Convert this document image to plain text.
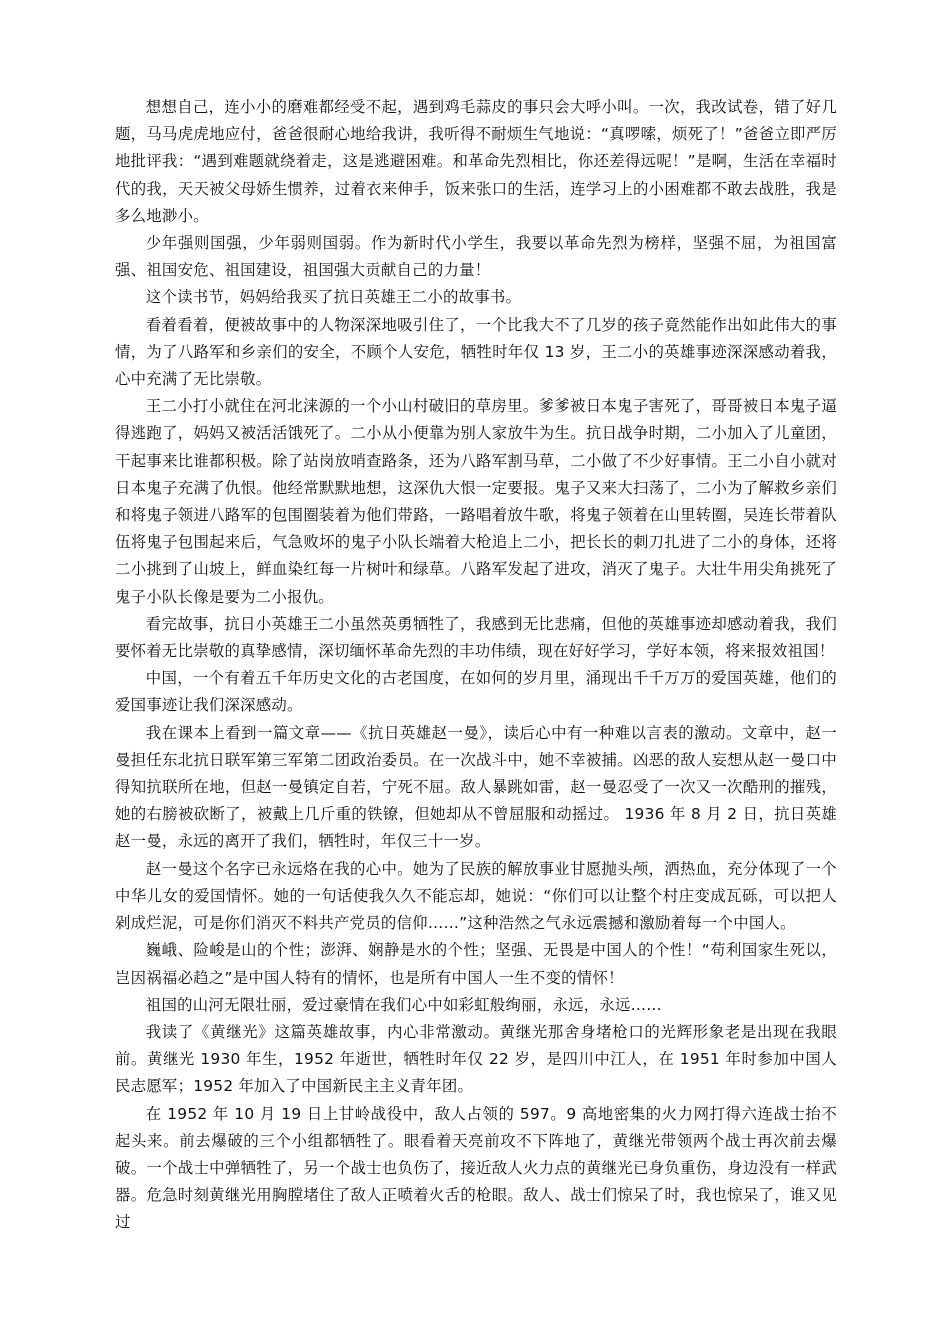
想想自己，连小小的磨难都经受不起，遇到鸡毛蒜皮的事只会大呼小叫。一次，我改试卷，错了好几题，马马虎虎地应付，爸爸很耐心地给我讲，我听得不耐烦生气地说：“真啰嗦，烦死了！”爸爸立即严厉地批评我：“遇到难题就绕着走，这是逃避困难。和革命先烈相比，你还差得远呢！”是啊，生活在幸福时代的我，天天被父母娇生惯养，过着衣来伸手，饭来张口的生活，连学习上的小困难都不敢去战胜，我是多么地渺小。

少年强则国强，少年弱则国弱。作为新时代小学生，我要以革命先烈为榜样，坚强不屈，为祖国富强、祖国安危、祖国建设，祖国强大贡献自己的力量！

这个读书节，妈妈给我买了抗日英雄王二小的故事书。

看着看着，便被故事中的人物深深地吸引住了，一个比我大不了几岁的孩子竟然能作出如此伟大的事情，为了八路军和乡亲们的安全，不顾个人安危，牺牲时年仅 13 岁，王二小的英雄事迹深深感动着我，心中充满了无比崇敬。

王二小打小就住在河北涞源的一个小山村破旧的草房里。爹爹被日本鬼子害死了，哥哥被日本鬼子逼得逃跑了，妈妈又被活活饿死了。二小从小便靠为别人家放牛为生。抗日战争时期，二小加入了儿童团，干起事来比谁都积极。除了站岗放哨查路条，还为八路军割马草，二小做了不少好事情。王二小自小就对日本鬼子充满了仇恨。他经常默默地想，这深仇大恨一定要报。鬼子又来大扫荡了，二小为了解救乡亲们和将鬼子领进八路军的包围圈装着为他们带路，一路唱着放牛歌，将鬼子领着在山里转圈，吴连长带着队伍将鬼子包围起来后，气急败坏的鬼子小队长端着大枪追上二小，把长长的刺刀扎进了二小的身体，还将二小挑到了山坡上，鲜血染红每一片树叶和绿草。八路军发起了进攻，消灭了鬼子。大壮牛用尖角挑死了鬼子小队长像是要为二小报仇。

看完故事，抗日小英雄王二小虽然英勇牺牲了，我感到无比悲痛，但他的英雄事迹却感动着我，我们要怀着无比崇敬的真挚感情，深切缅怀革命先烈的丰功伟绩，现在好好学习，学好本领，将来报效祖国！

中国，一个有着五千年历史文化的古老国度，在如何的岁月里，涌现出千千万万的爱国英雄，他们的爱国事迹让我们深深感动。

我在课本上看到一篇文章——《抗日英雄赵一曼》，读后心中有一种难以言表的激动。文章中，赵一曼担任东北抗日联军第三军第二团政治委员。在一次战斗中，她不幸被捕。凶恶的敌人妄想从赵一曼口中得知抗联所在地，但赵一曼镇定自若，宁死不屈。敌人暴跳如雷，赵一曼忍受了一次又一次酷刑的摧残，她的右膀被砍断了，被戴上几斤重的铁镣，但她却从不曾屈服和动摇过。 1936 年 8 月 2 日，抗日英雄赵一曼，永远的离开了我们，牺牲时，年仅三十一岁。

赵一曼这个名字已永远烙在我的心中。她为了民族的解放事业甘愿抛头颅，洒热血，充分体现了一个中华儿女的爱国情怀。她的一句话使我久久不能忘却，她说：“你们可以让整个村庄变成瓦砾，可以把人剁成烂泥，可是你们消灭不料共产党员的信仰……”这种浩然之气永远震撼和激励着每一个中国人。

巍峨、险峻是山的个性；澎湃、娴静是水的个性；坚强、无畏是中国人的个性！“苟利国家生死以，岂因祸福必趋之”是中国人特有的情怀，也是所有中国人一生不变的情怀！

祖国的山河无限壮丽，爱过豪情在我们心中如彩虹般绚丽，永远，永远……

我读了《黄继光》这篇英雄故事，内心非常激动。黄继光那舍身堵枪口的光辉形象老是出现在我眼前。黄继光 1930 年生，1952 年逝世，牺牲时年仅 22 岁，是四川中江人，在 1951 年时参加中国人民志愿军；1952 年加入了中国新民主主义青年团。

在 1952 年 10 月 19 日上甘岭战役中，敌人占领的 597。9 高地密集的火力网打得六连战士抬不起头来。前去爆破的三个小组都牺牲了。眼看着天亮前攻不下阵地了，黄继光带领两个战士再次前去爆破。一个战士中弹牺牲了，另一个战士也负伤了，接近敌人火力点的黄继光已身负重伤，身边没有一样武器。危急时刻黄继光用胸膛堵住了敌人正喷着火舌的枪眼。敌人、战士们惊呆了时，我也惊呆了，谁又见过
